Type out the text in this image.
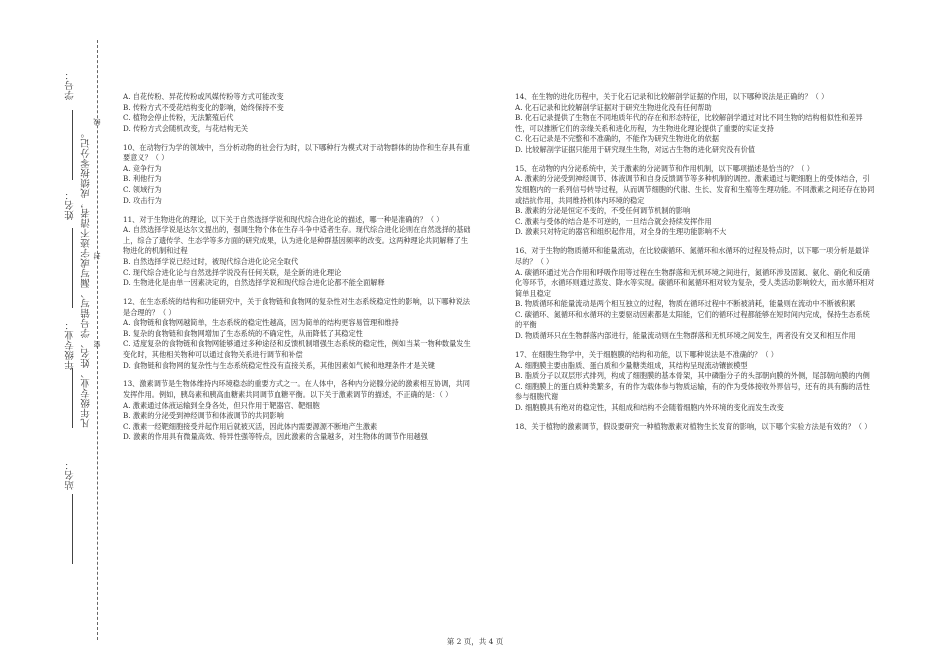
学号：
姓名：
年级专业： 凡年级专业、姓名、学号错写、漏写或字迹不清者，成绩按零分记。
线
封
密
站名：

A. 自花传粉、异花传粉或风媒传粉等方式可能改变

B. 传粉方式不受花结构变化的影响，始终保持不变

C. 植物会停止传粉，无法繁殖后代

D. 传粉方式会随机改变，与花结构无关

10、在动物行为学的领域中，当分析动物的社会行为时，以下哪种行为模式对于动物群体的协作和生存具有重要意义？（ ）

A. 竞争行为

B. 利他行为

C. 领域行为

D. 攻击行为

11、对于生物进化的理论，以下关于自然选择学说和现代综合进化论的描述，哪一种是准确的？（ ）

A. 自然选择学说是达尔文提出的，强调生物个体在生存斗争中适者生存。现代综合进化论则在自然选择的基础上，综合了遗传学、生态学等多方面的研究成果，认为进化是种群基因频率的改变。这两种理论共同解释了生物进化的机制和过程

B. 自然选择学说已经过时，被现代综合进化论完全取代

C. 现代综合进化论与自然选择学说没有任何关联，是全新的进化理论

D. 生物进化是由单一因素决定的，自然选择学说和现代综合进化论都不能全面解释

12、在生态系统的结构和功能研究中，关于食物链和食物网的复杂性对生态系统稳定性的影响，以下哪种说法是合理的？（ ）

A. 食物链和食物网越简单，生态系统的稳定性越高，因为简单的结构更容易管理和维持

B. 复杂的食物链和食物网增加了生态系统的不确定性，从而降低了其稳定性

C. 适度复杂的食物链和食物网能够通过多种途径和反馈机制增强生态系统的稳定性，例如当某一物种数量发生变化时，其他相关物种可以通过食物关系进行调节和补偿

D. 食物链和食物网的复杂性与生态系统稳定性没有直接关系，其他因素如气候和地理条件才是关键

13、激素调节是生物体维持内环境稳态的重要方式之一。在人体中，各种内分泌腺分泌的激素相互协调，共同发挥作用。例如，胰岛素和胰高血糖素共同调节血糖平衡。以下关于激素调节的描述，不正确的是：（ ）

A. 激素通过体液运输到全身各处，但只作用于靶器官、靶细胞

B. 激素的分泌受到神经调节和体液调节的共同影响

C. 激素一经靶细胞接受并起作用后就被灭活，因此体内需要源源不断地产生激素

D. 激素的作用具有微量高效、特异性强等特点，因此激素的含量越多，对生物体的调节作用越强

14、在生物的进化历程中，关于化石记录和比较解剖学证据的作用，以下哪种说法是正确的？（ ）

A. 化石记录和比较解剖学证据对于研究生物进化没有任何帮助

B. 化石记录提供了生物在不同地质年代的存在和形态特征，比较解剖学通过对比不同生物的结构相似性和差异性，可以推断它们的亲缘关系和进化历程，为生物进化理论提供了重要的实证支持

C. 化石记录是不完整和不准确的，不能作为研究生物进化的依据

D. 比较解剖学证据只能用于研究现生生物，对远古生物的进化研究没有价值

15、在动物的内分泌系统中，关于激素的分泌调节和作用机制，以下哪项描述是恰当的？（ ）

A. 激素的分泌受到神经调节、体液调节和自身反馈调节等多种机制的调控。激素通过与靶细胞上的受体结合，引发细胞内的一系列信号转导过程，从而调节细胞的代谢、生长、发育和生殖等生理功能。不同激素之间还存在协同或拮抗作用，共同维持机体内环境的稳定

B. 激素的分泌是恒定不变的，不受任何调节机制的影响

C. 激素与受体的结合是不可逆的，一旦结合就会持续发挥作用

D. 激素只对特定的器官和组织起作用，对全身的生理功能影响不大

16、对于生物的物质循环和能量流动，在比较碳循环、氮循环和水循环的过程及特点时，以下哪一项分析是最详尽的？（ ）

A. 碳循环通过光合作用和呼吸作用等过程在生物群落和无机环境之间进行，氮循环涉及固氮、氨化、硝化和反硝化等环节，水循环则通过蒸发、降水等实现。碳循环和氮循环相对较为复杂，受人类活动影响较大，而水循环相对简单且稳定

B. 物质循环和能量流动是两个相互独立的过程，物质在循环过程中不断被消耗，能量则在流动中不断被积累

C. 碳循环、氮循环和水循环的主要驱动因素都是太阳能，它们的循环过程都能够在短时间内完成，保持生态系统的平衡

D. 物质循环只在生物群落内部进行，能量流动则在生物群落和无机环境之间发生，两者没有交叉和相互作用

17、在细胞生物学中，关于细胞膜的结构和功能，以下哪种说法是不准确的？（ ）

A. 细胞膜主要由脂质、蛋白质和少量糖类组成，其结构呈现流动镶嵌模型

B. 脂质分子以双层形式排列，构成了细胞膜的基本骨架，其中磷脂分子的头部朝向膜的外侧，尾部朝向膜的内侧

C. 细胞膜上的蛋白质种类繁多，有的作为载体参与物质运输，有的作为受体接收外界信号，还有的具有酶的活性参与细胞代谢

D. 细胞膜具有绝对的稳定性，其组成和结构不会随着细胞内外环境的变化而发生改变

18、关于植物的激素调节，假设要研究一种植物激素对植物生长发育的影响，以下哪个实验方法是有效的？（ ）

第 2 页，共 4 页
